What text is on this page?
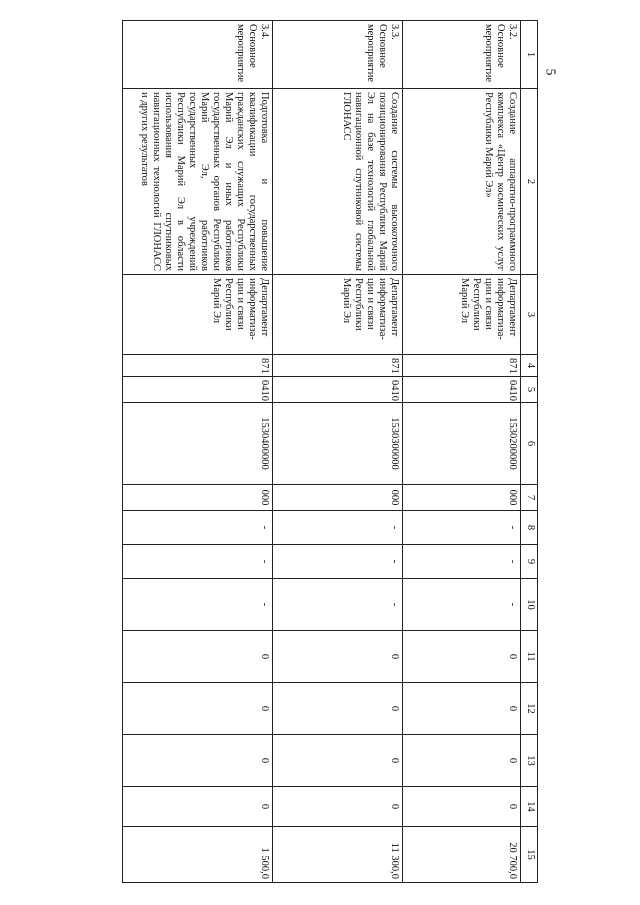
5
1	2	3	4	5	6	7	8	9	10	11	12	13	14	15
3.2. Основное мероприятие	Создание аппаратно-программного комплекса «Центр космических услуг Республики Марий Эл»	Департамент информатиза-ции и связи Республики Марий Эл	871	0410	1530200000	000	-	-	-	0	0	0	0	20 700,0
3.3. Основное мероприятие	Создание системы высокоточного позиционирования Республики Марий Эл на базе технологий глобальной навигационной спутниковой системы ГЛОНАСС	Департамент информатиза-ции и связи Республики Марий Эл	871	0410	1530300000	000	-	-	-	0	0	0	0	11 300,0
3.4. Основное мероприятие	Подготовка и повышение квалификации государственных гражданских служащих Республики Марий Эл и иных работников государственных органов Республики Марий Эл, работников государственных учреждений Республики Марий Эл в области использования спутниковых навигационных технологий ГЛОНАСС и других результатов	Департамент информатиза-ции и связи Республики Марий Эл	871	0410	1530400000	000	-	-	-	0	0	0	0	1 500,0
